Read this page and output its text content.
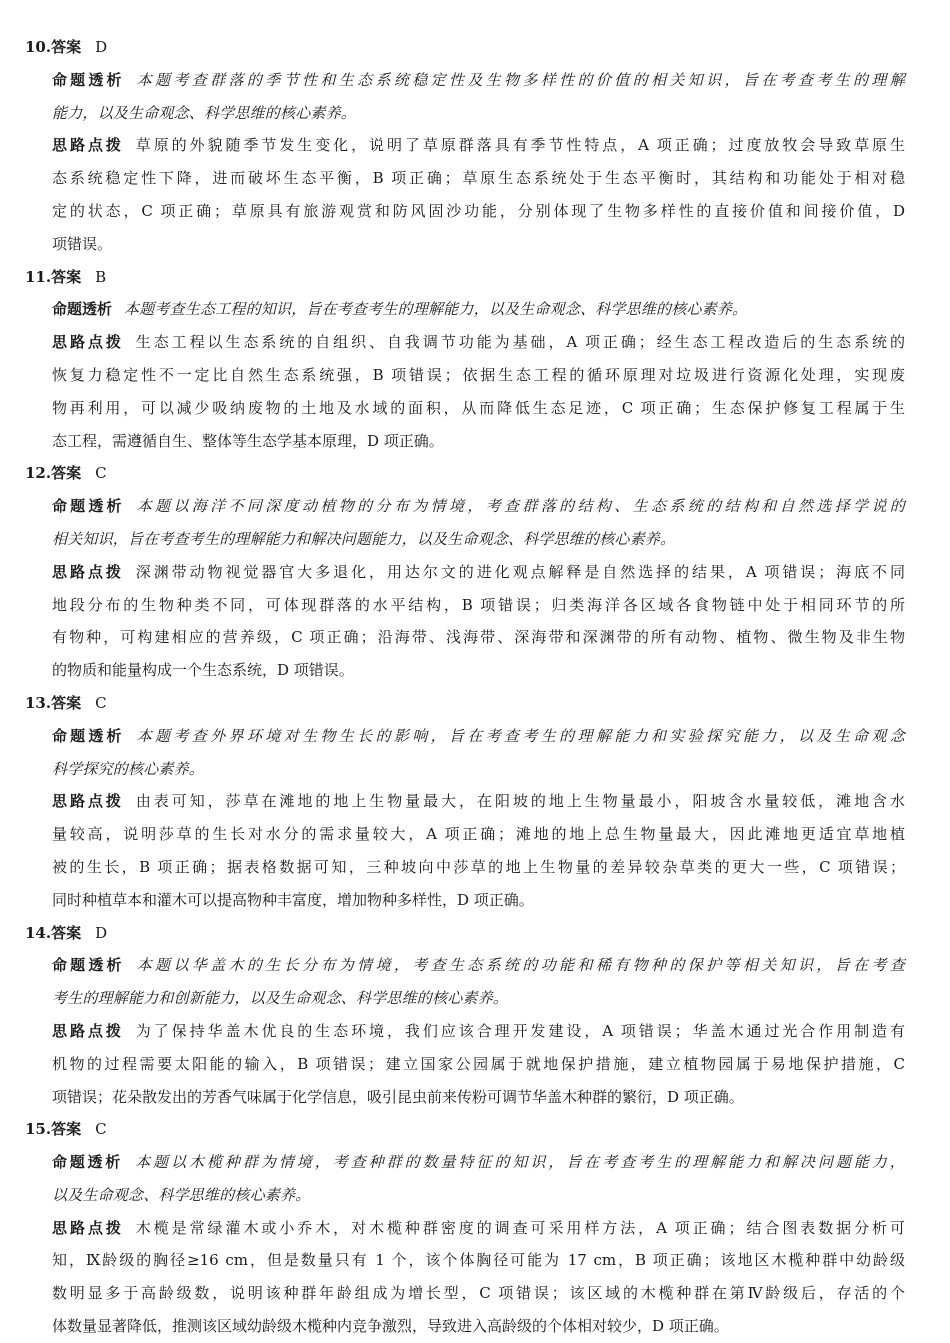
10.答案 D
命题透析 本题考查群落的季节性和生态系统稳定性及生物多样性的价值的相关知识，旨在考查考生的理解
能力，以及生命观念、科学思维的核心素养。
思路点拨 草原的外貌随季节发生变化，说明了草原群落具有季节性特点，A 项正确；过度放牧会导致草原生
态系统稳定性下降，进而破坏生态平衡，B 项正确；草原生态系统处于生态平衡时，其结构和功能处于相对稳
定的状态，C 项正确；草原具有旅游观赏和防风固沙功能，分别体现了生物多样性的直接价值和间接价值，D
项错误。
11.答案 B
命题透析 本题考查生态工程的知识，旨在考查考生的理解能力，以及生命观念、科学思维的核心素养。
思路点拨 生态工程以生态系统的自组织、自我调节功能为基础，A 项正确；经生态工程改造后的生态系统的
恢复力稳定性不一定比自然生态系统强，B 项错误；依据生态工程的循环原理对垃圾进行资源化处理，实现废
物再利用，可以减少吸纳废物的土地及水域的面积，从而降低生态足迹，C 项正确；生态保护修复工程属于生
态工程，需遵循自生、整体等生态学基本原理，D 项正确。
12.答案 C
命题透析 本题以海洋不同深度动植物的分布为情境，考查群落的结构、生态系统的结构和自然选择学说的
相关知识，旨在考查考生的理解能力和解决问题能力，以及生命观念、科学思维的核心素养。
思路点拨 深渊带动物视觉器官大多退化，用达尔文的进化观点解释是自然选择的结果，A 项错误；海底不同
地段分布的生物种类不同，可体现群落的水平结构，B 项错误；归类海洋各区域各食物链中处于相同环节的所
有物种，可构建相应的营养级，C 项正确；沿海带、浅海带、深海带和深渊带的所有动物、植物、微生物及非生物
的物质和能量构成一个生态系统，D 项错误。
13.答案 C
命题透析 本题考查外界环境对生物生长的影响，旨在考查考生的理解能力和实验探究能力，以及生命观念
科学探究的核心素养。
思路点拨 由表可知，莎草在滩地的地上生物量最大，在阳坡的地上生物量最小，阳坡含水量较低，滩地含水
量较高，说明莎草的生长对水分的需求量较大，A 项正确；滩地的地上总生物量最大，因此滩地更适宜草地植
被的生长，B 项正确；据表格数据可知，三种坡向中莎草的地上生物量的差异较杂草类的更大一些，C 项错误；
同时种植草本和灌木可以提高物种丰富度，增加物种多样性，D 项正确。
14.答案 D
命题透析 本题以华盖木的生长分布为情境，考查生态系统的功能和稀有物种的保护等相关知识，旨在考查
考生的理解能力和创新能力，以及生命观念、科学思维的核心素养。
思路点拨 为了保持华盖木优良的生态环境，我们应该合理开发建设，A 项错误；华盖木通过光合作用制造有
机物的过程需要太阳能的输入，B 项错误；建立国家公园属于就地保护措施，建立植物园属于易地保护措施，C
项错误；花朵散发出的芳香气味属于化学信息，吸引昆虫前来传粉可调节华盖木种群的繁衍，D 项正确。
15.答案 C
命题透析 本题以木榄种群为情境，考查种群的数量特征的知识，旨在考查考生的理解能力和解决问题能力，
以及生命观念、科学思维的核心素养。
思路点拨 木榄是常绿灌木或小乔木，对木榄种群密度的调查可采用样方法，A 项正确；结合图表数据分析可
知，Ⅸ龄级的胸径≥16 cm，但是数量只有 1 个，该个体胸径可能为 17 cm，B 项正确；该地区木榄种群中幼龄级
数明显多于高龄级数，说明该种群年龄组成为增长型，C 项错误；该区域的木榄种群在第Ⅳ龄级后，存活的个
体数量显著降低，推测该区域幼龄级木榄种内竞争激烈，导致进入高龄级的个体相对较少，D 项正确。
